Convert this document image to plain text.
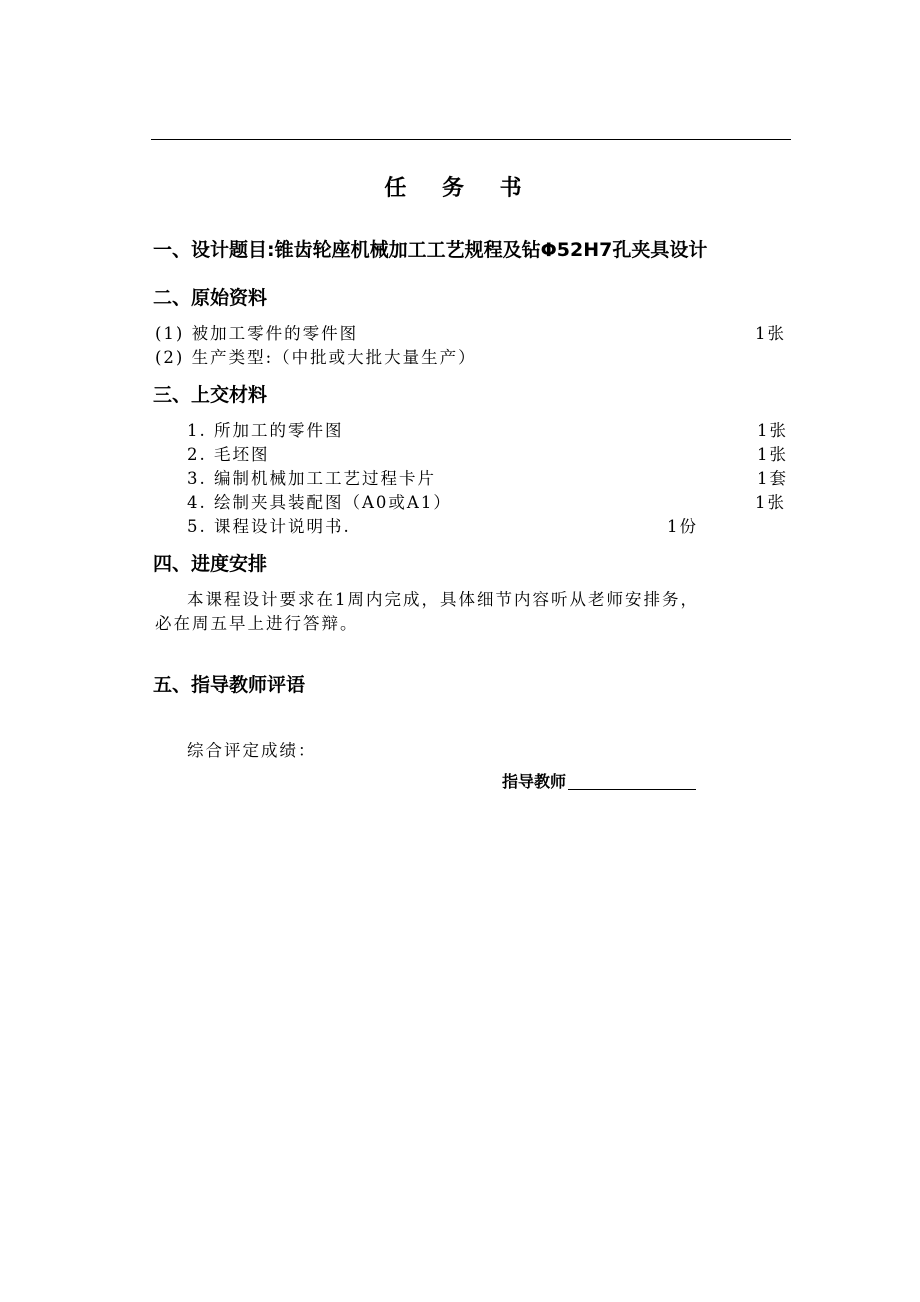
任 务 书
一、设计题目:锥齿轮座机械加工工艺规程及钻Φ52H7孔夹具设计
二、原始资料
(1) 被加工零件的零件图	1张
(2) 生产类型:（中批或大批大量生产）
三、上交材料
1. 所加工的零件图	1张
2. 毛坯图	1张
3. 编制机械加工工艺过程卡片	1套
4. 绘制夹具装配图（A0或A1）	1张
5. 课程设计说明书.	1份
四、进度安排
本课程设计要求在1周内完成，具体细节内容听从老师安排务，
必在周五早上进行答辩。
五、指导教师评语
综合评定成绩：
指导教师
